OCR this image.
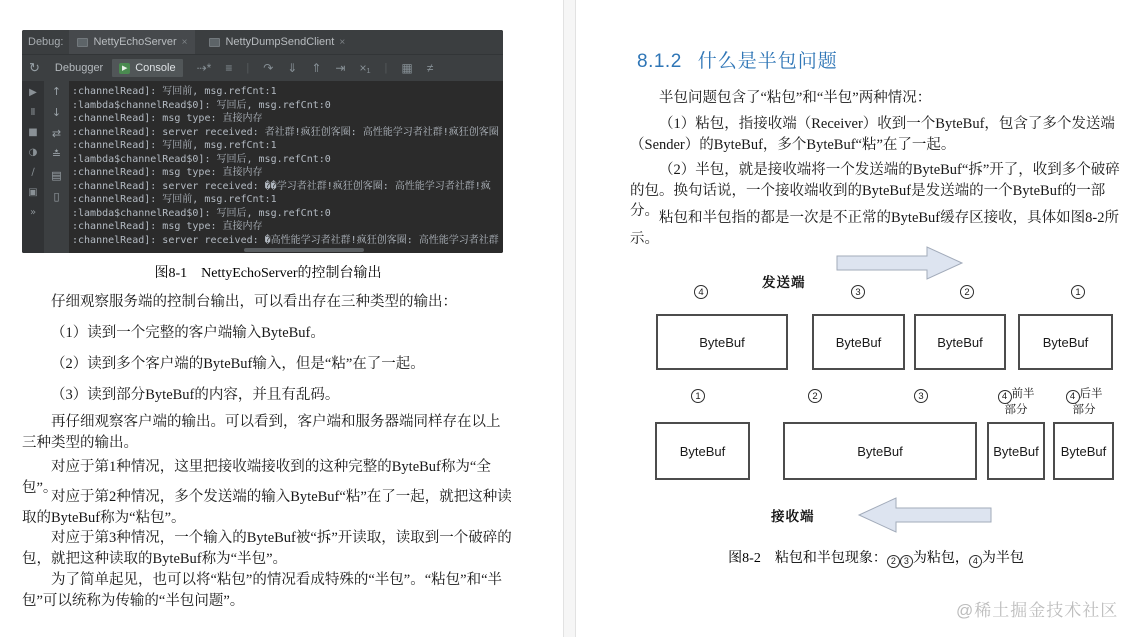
Debug:	NettyEchoServer ×	NettyDumpSendClient ×
↻	Debugger	▶ Console ⇢* ≡ | ↷ ⇓ ⇑ ⇥ ×₁ | ▦ ≠
▶
Ⅱ
■
◑
∕
▣
»
↑
↓
⇄
≛
▤
▯
:channelRead]: 写回前, msg.refCnt:1
:lambda$channelRead$0]: 写回后, msg.refCnt:0
:channelRead]: msg type: 直接内存
:channelRead]: server received: 者社群!疯狂创客圈: 高性能学习者社群!疯狂创客圈
:channelRead]: 写回前, msg.refCnt:1
:lambda$channelRead$0]: 写回后, msg.refCnt:0
:channelRead]: msg type: 直接内存
:channelRead]: server received: ��学习者社群!疯狂创客圈: 高性能学习者社群!疯
:channelRead]: 写回前, msg.refCnt:1
:lambda$channelRead$0]: 写回后, msg.refCnt:0
:channelRead]: msg type: 直接内存
:channelRead]: server received: �高性能学习者社群!疯狂创客圈: 高性能学习者社群
图8-1　NettyEchoServer的控制台输出
仔细观察服务端的控制台输出，可以看出存在三种类型的输出：
（1）读到一个完整的客户端输入ByteBuf。
（2）读到多个客户端的ByteBuf输入，但是“粘”在了一起。
（3）读到部分ByteBuf的内容，并且有乱码。
再仔细观察客户端的输出。可以看到，客户端和服务器端同样存在以上三种类型的输出。
对应于第1种情况，这里把接收端接收到的这种完整的ByteBuf称为“全包”。
对应于第2种情况，多个发送端的输入ByteBuf“粘”在了一起，就把这种读取的ByteBuf称为“粘包”。
对应于第3种情况，一个输入的ByteBuf被“拆”开读取，读取到一个破碎的包，就把这种读取的ByteBuf称为“半包”。
为了简单起见，也可以将“粘包”的情况看成特殊的“半包”。“粘包”和“半包”可以统称为传输的“半包问题”。
8.1.2 什么是半包问题
半包问题包含了“粘包”和“半包”两种情况：
（1）粘包，指接收端（Receiver）收到一个ByteBuf，包含了多个发送端（Sender）的ByteBuf，多个ByteBuf“粘”在了一起。
（2）半包，就是接收端将一个发送端的ByteBuf“拆”开了，收到多个破碎的包。换句话说，一个接收端收到的ByteBuf是发送端的一个ByteBuf的一部分。 粘包和半包指的都是一次是不正常的ByteBuf缓存区接收，具体如图8-2所示。
发送端
4	3	2	1
ByteBuf	ByteBuf	ByteBuf	ByteBuf
1	2	3	4 前半
部分
4 后半
部分
ByteBuf	ByteBuf	ByteBuf	ByteBuf
接收端
图8-2　粘包和半包现象： 2 3 为粘包， 4 为半包
@稀土掘金技术社区
